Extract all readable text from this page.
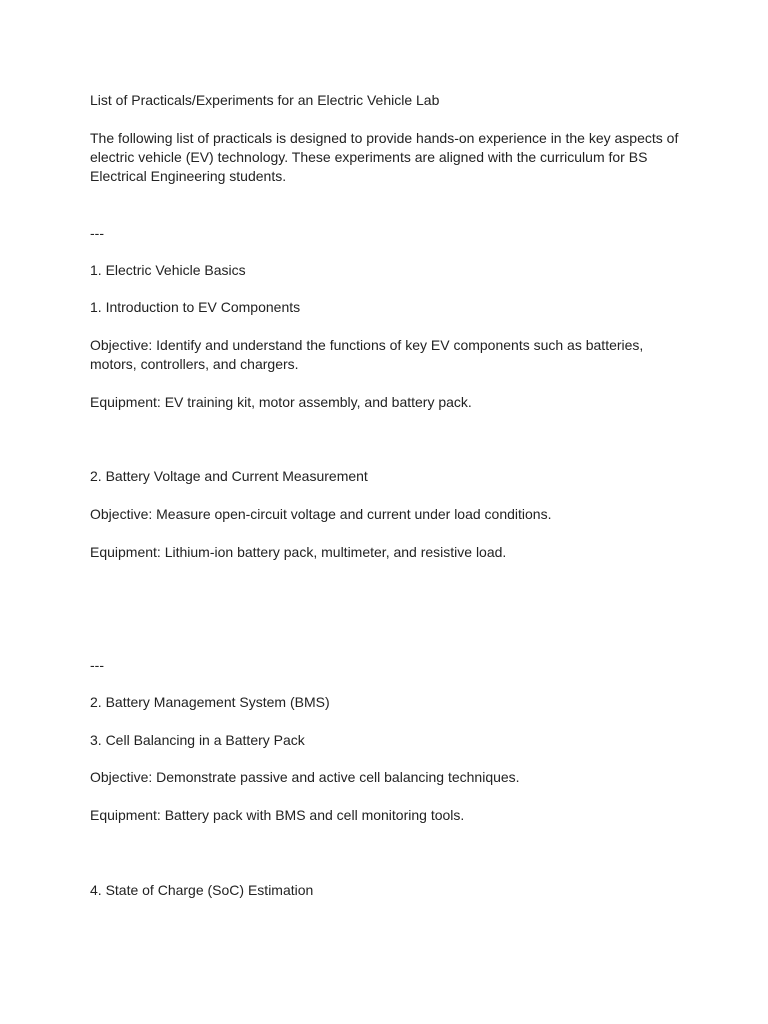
List of Practicals/Experiments for an Electric Vehicle Lab

The following list of practicals is designed to provide hands-on experience in the key aspects of electric vehicle (EV) technology. These experiments are aligned with the curriculum for BS Electrical Engineering students.

---

1. Electric Vehicle Basics

1. Introduction to EV Components

Objective: Identify and understand the functions of key EV components such as batteries, motors, controllers, and chargers.

Equipment: EV training kit, motor assembly, and battery pack.

2. Battery Voltage and Current Measurement

Objective: Measure open-circuit voltage and current under load conditions.

Equipment: Lithium-ion battery pack, multimeter, and resistive load.

---

2. Battery Management System (BMS)

3. Cell Balancing in a Battery Pack

Objective: Demonstrate passive and active cell balancing techniques.

Equipment: Battery pack with BMS and cell monitoring tools.

4. State of Charge (SoC) Estimation
